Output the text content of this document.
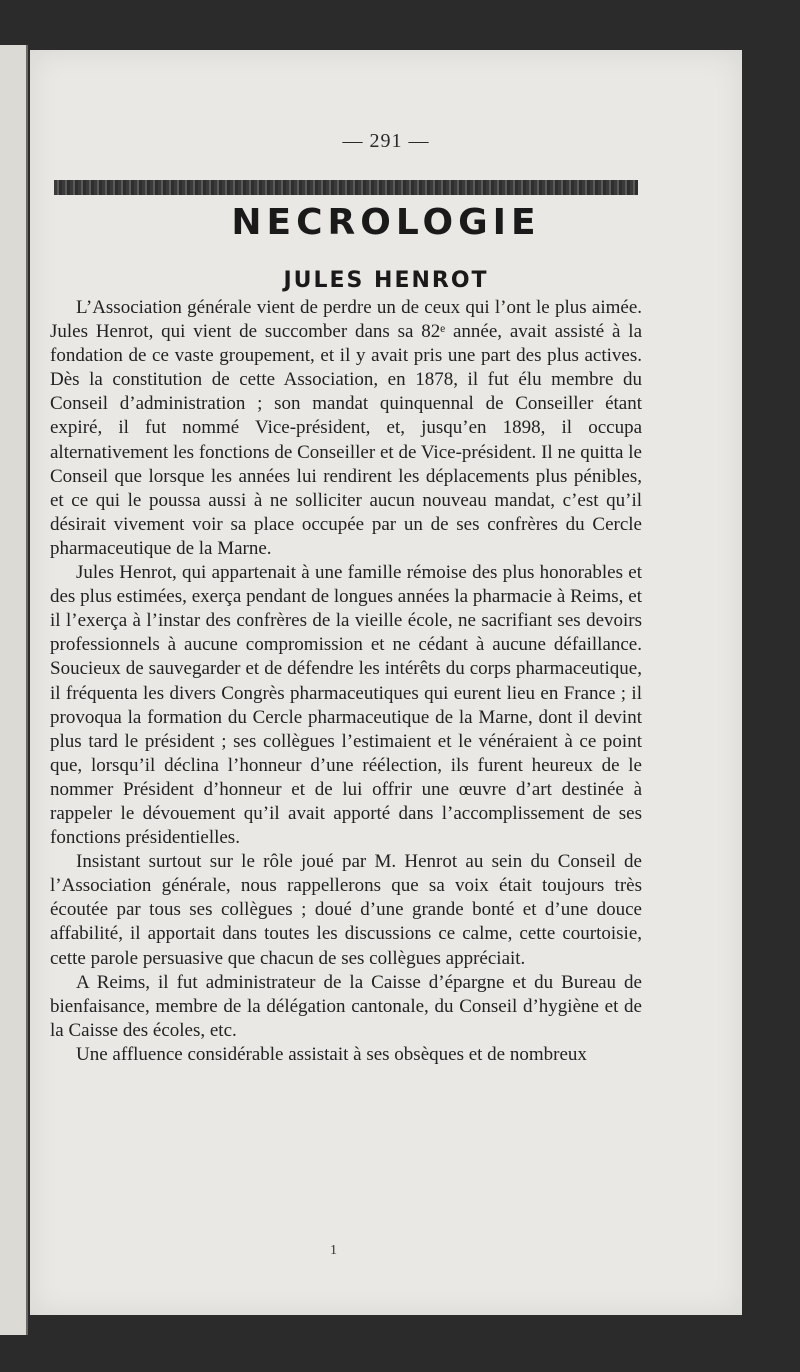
— 291 —
NECROLOGIE
JULES HENROT

L’Association générale vient de perdre un de ceux qui l’ont le plus aimée. Jules Henrot, qui vient de succomber dans sa 82ᵉ année, avait assisté à la fondation de ce vaste groupement, et il y avait pris une part des plus actives. Dès la constitution de cette Association, en 1878, il fut élu membre du Conseil d’administration ; son mandat quinquennal de Conseiller étant expiré, il fut nommé Vice-président, et, jusqu’en 1898, il occupa alternativement les fonctions de Conseiller et de Vice-président. Il ne quitta le Conseil que lorsque les années lui rendirent les déplacements plus pénibles, et ce qui le poussa aussi à ne solliciter aucun nouveau mandat, c’est qu’il désirait vivement voir sa place occupée par un de ses confrères du Cercle pharmaceutique de la Marne.

Jules Henrot, qui appartenait à une famille rémoise des plus honorables et des plus estimées, exerça pendant de longues années la pharmacie à Reims, et il l’exerça à l’instar des confrères de la vieille école, ne sacrifiant ses devoirs professionnels à aucune compromission et ne cédant à aucune défaillance. Soucieux de sauvegarder et de défendre les intérêts du corps pharmaceutique, il fréquenta les divers Congrès pharmaceutiques qui eurent lieu en France ; il provoqua la formation du Cercle pharmaceutique de la Marne, dont il devint plus tard le président ; ses collègues l’estimaient et le vénéraient à ce point que, lorsqu’il déclina l’honneur d’une réélection, ils furent heureux de le nommer Président d’honneur et de lui offrir une œuvre d’art destinée à rappeler le dévouement qu’il avait apporté dans l’accomplissement de ses fonctions présidentielles.

Insistant surtout sur le rôle joué par M. Henrot au sein du Conseil de l’Association générale, nous rappellerons que sa voix était toujours très écoutée par tous ses collègues ; doué d’une grande bonté et d’une douce affabilité, il apportait dans toutes les discussions ce calme, cette courtoisie, cette parole persuasive que chacun de ses collègues appréciait.

A Reims, il fut administrateur de la Caisse d’épargne et du Bureau de bienfaisance, membre de la délégation cantonale, du Conseil d’hygiène et de la Caisse des écoles, etc.

Une affluence considérable assistait à ses obsèques et de nombreux

1
